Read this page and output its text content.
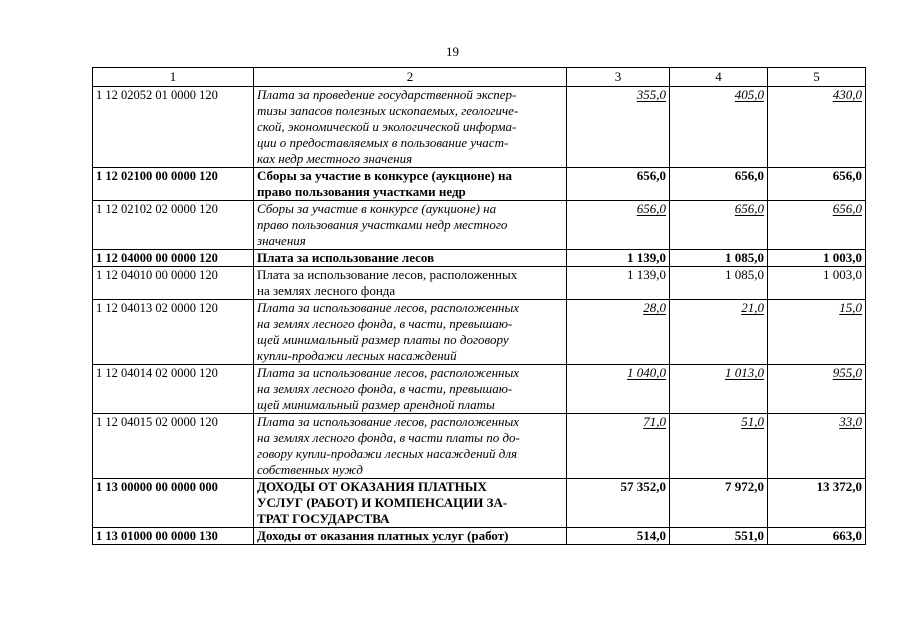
19
1	2	3	4	5
1 12 02052 01 0000 120	Плата за проведение государственной экспер-
тизы запасов полезных ископаемых, геологиче-
ской, экономической и экологической информа-
ции о предоставляемых в пользование участ-
ках недр местного значения	355,0	405,0	430,0
1 12 02100 00 0000 120	Сборы за участие в конкурсе (аукционе) на
право пользования участками недр	656,0	656,0	656,0
1 12 02102 02 0000 120	Сборы за участие в конкурсе (аукционе) на
право пользования участками недр местного
значения	656,0	656,0	656,0
1 12 04000 00 0000 120	Плата за использование лесов	1 139,0	1 085,0	1 003,0
1 12 04010 00 0000 120	Плата за использование лесов, расположенных
на землях лесного фонда	1 139,0	1 085,0	1 003,0
1 12 04013 02 0000 120	Плата за использование лесов, расположенных
на землях лесного фонда, в части, превышаю-
щей минимальный размер платы по договору
купли-продажи лесных насаждений	28,0	21,0	15,0
1 12 04014 02 0000 120	Плата за использование лесов, расположенных
на землях лесного фонда, в части, превышаю-
щей минимальный размер арендной платы	1 040,0	1 013,0	955,0
1 12 04015 02 0000 120	Плата за использование лесов, расположенных
на землях лесного фонда, в части платы по до-
говору купли-продажи лесных насаждений для
собственных нужд	71,0	51,0	33,0
1 13 00000 00 0000 000	ДОХОДЫ ОТ ОКАЗАНИЯ ПЛАТНЫХ
УСЛУГ (РАБОТ) И КОМПЕНСАЦИИ ЗА-
ТРАТ ГОСУДАРСТВА	57 352,0	7 972,0	13 372,0
1 13 01000 00 0000 130	Доходы от оказания платных услуг (работ)	514,0	551,0	663,0
